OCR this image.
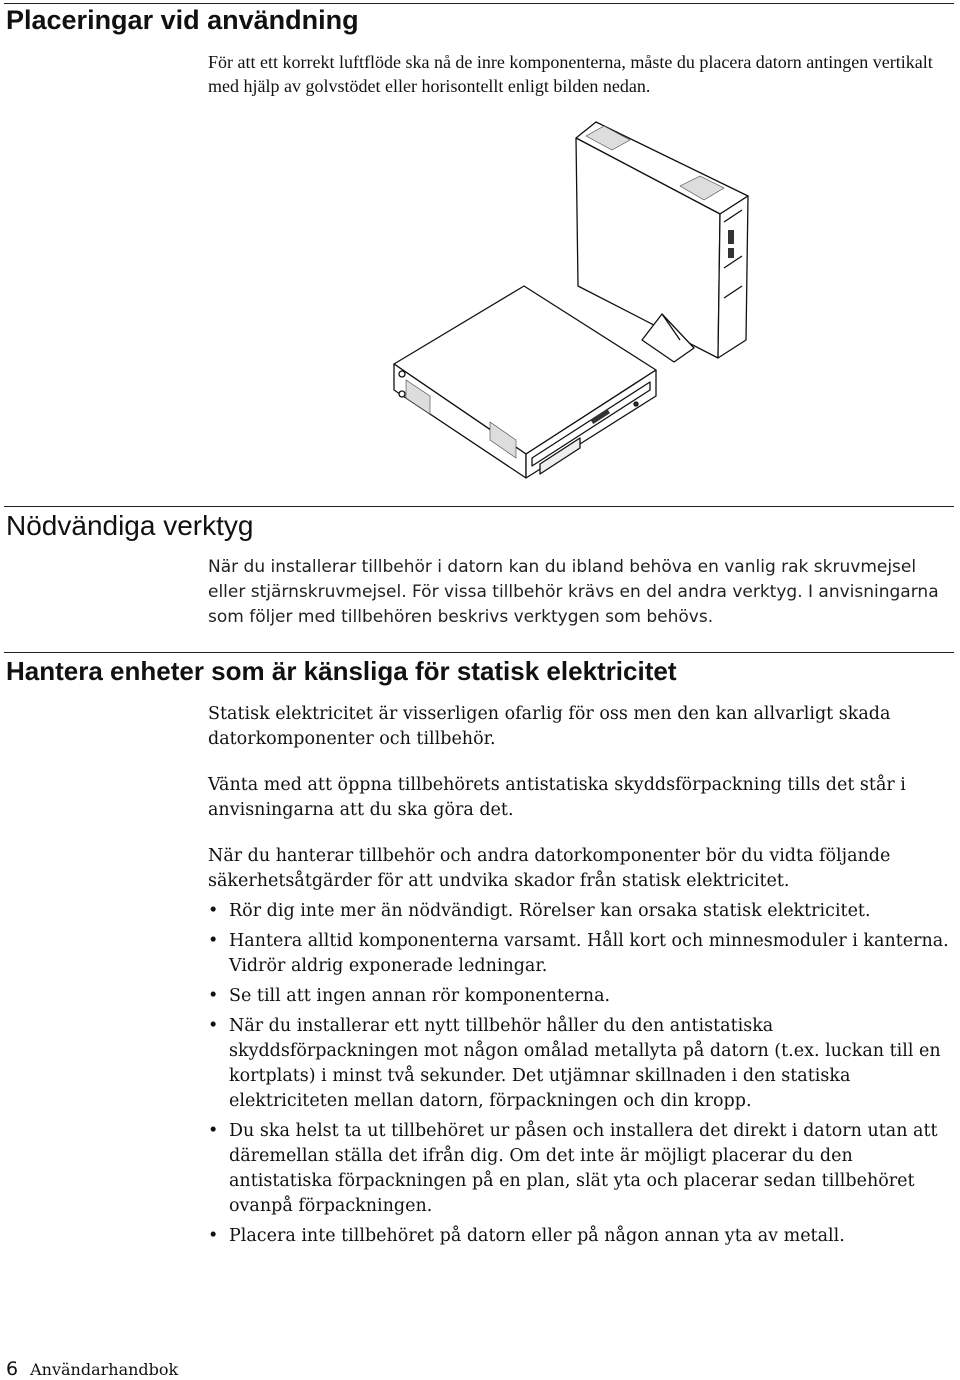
Placeringar vid användning

För att ett korrekt luftflöde ska nå de inre komponenterna, måste du placera datorn antingen vertikalt med hjälp av golvstödet eller horisontellt enligt bilden nedan.

Nödvändiga verktyg

När du installerar tillbehör i datorn kan du ibland behöva en vanlig rak skruvmejsel eller stjärnskruvmejsel. För vissa tillbehör krävs en del andra verktyg. I anvisningarna som följer med tillbehören beskrivs verktygen som behövs.

Hantera enheter som är känsliga för statisk elektricitet

Statisk elektricitet är visserligen ofarlig för oss men den kan allvarligt skada datorkomponenter och tillbehör.

Vänta med att öppna tillbehörets antistatiska skyddsförpackning tills det står i anvisningarna att du ska göra det.

När du hanterar tillbehör och andra datorkomponenter bör du vidta följande säkerhetsåtgärder för att undvika skador från statisk elektricitet.

• Rör dig inte mer än nödvändigt. Rörelser kan orsaka statisk elektricitet.
• Hantera alltid komponenterna varsamt. Håll kort och minnesmoduler i kanterna. Vidrör aldrig exponerade ledningar.
• Se till att ingen annan rör komponenterna.
• När du installerar ett nytt tillbehör håller du den antistatiska skyddsförpackningen mot någon omålad metallyta på datorn (t.ex. luckan till en kortplats) i minst två sekunder. Det utjämnar skillnaden i den statiska elektriciteten mellan datorn, förpackningen och din kropp.
• Du ska helst ta ut tillbehöret ur påsen och installera det direkt i datorn utan att däremellan ställa det ifrån dig. Om det inte är möjligt placerar du den antistatiska förpackningen på en plan, slät yta och placerar sedan tillbehöret ovanpå förpackningen.
• Placera inte tillbehöret på datorn eller på någon annan yta av metall.
6 Användarhandbok
